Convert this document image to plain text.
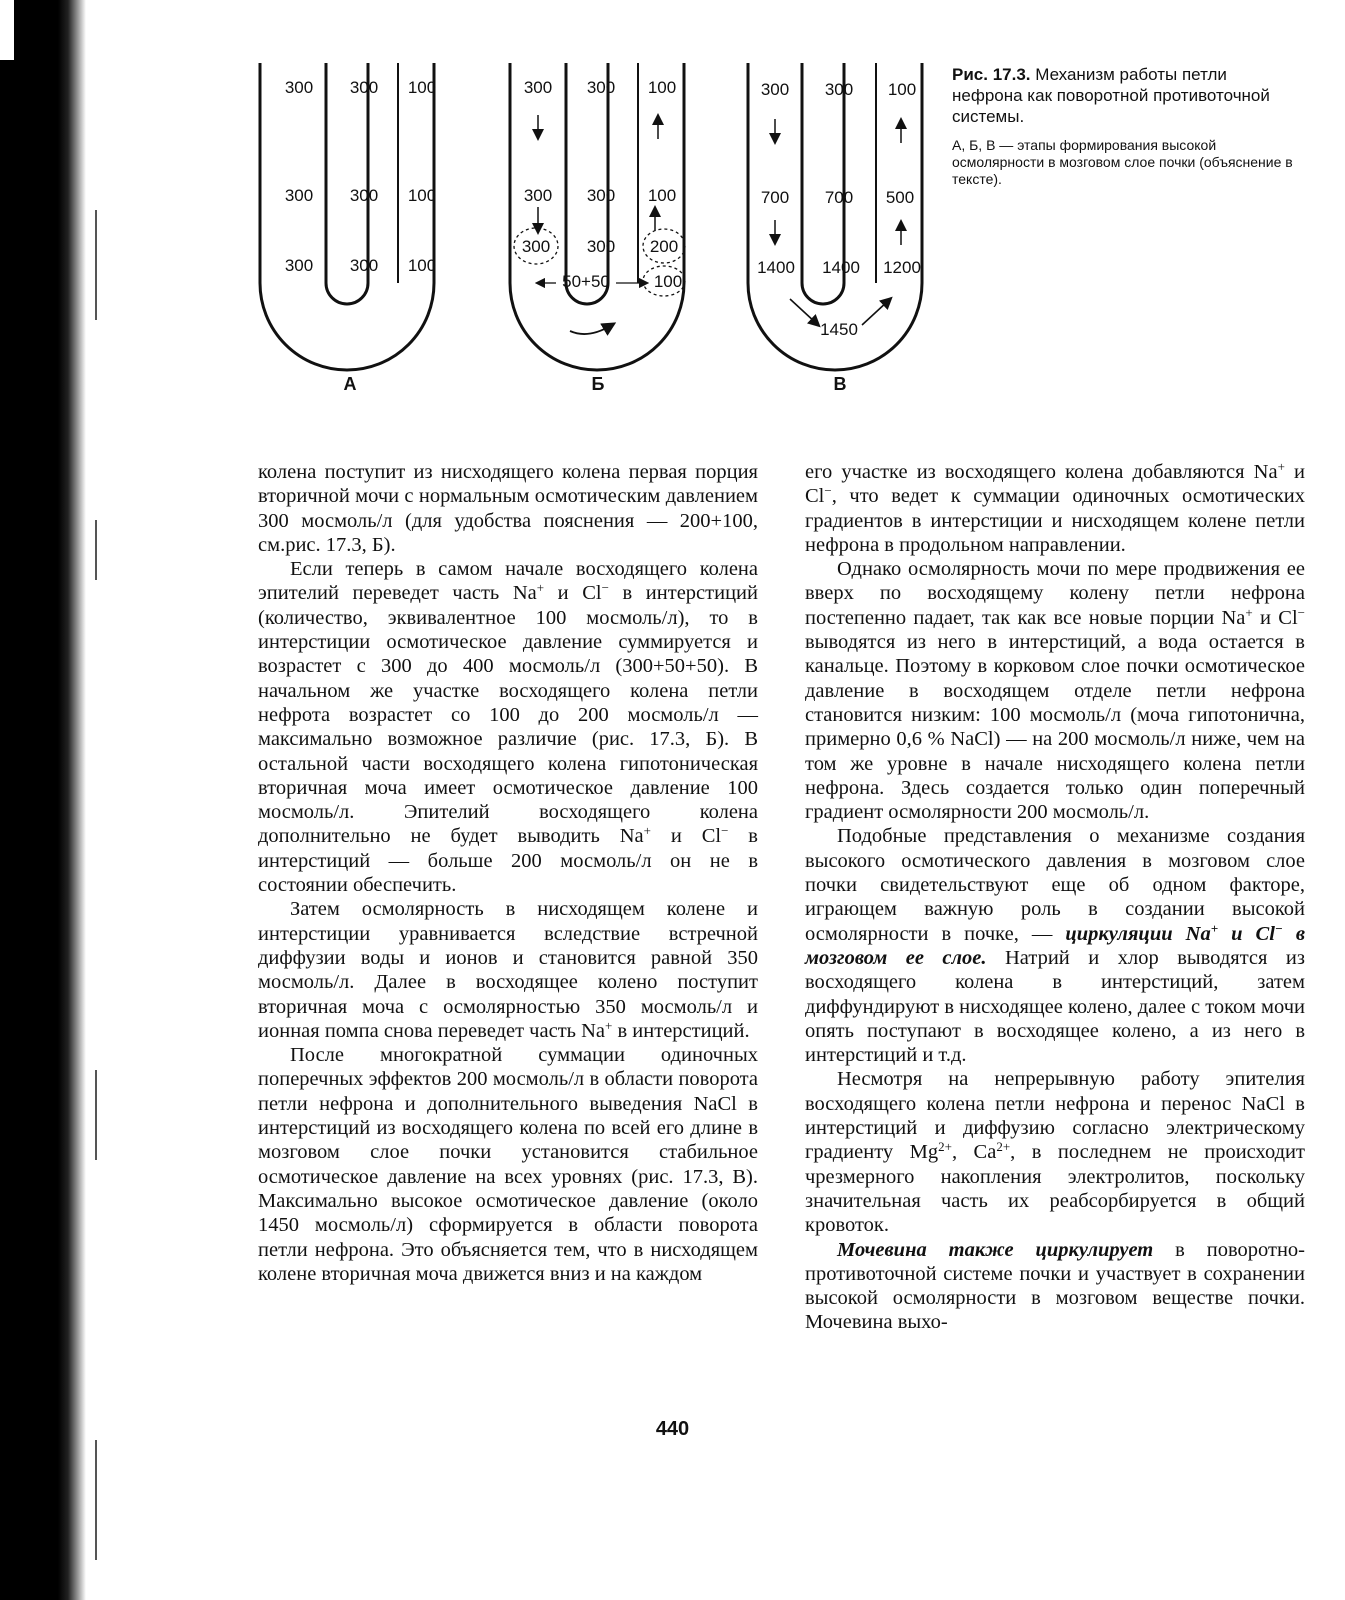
300 300 100
300 300 100
300 300 100
А
300 300 100
300 300 100
300 300 200
100
50+50
Б
300 300 100
700 700 500
1400 1400 1200
1450
В

Рис. 17.3. Механизм работы петли нефрона как поворотной противоточной системы.

А, Б, В — этапы формирования высокой осмолярности в мозговом слое почки (объяснение в тексте).

колена поступит из нисходящего колена первая порция вторичной мочи с нормальным осмотическим давлением 300 мосмоль/л (для удобства пояснения — 200+100, см.рис. 17.3, Б).

Если теперь в самом начале восходящего колена эпителий переведет часть Na+ и Cl− в интерстиций (количество, эквивалентное 100 мосмоль/л), то в интерстиции осмотическое давление суммируется и возрастет с 300 до 400 мосмоль/л (300+50+50). В начальном же участке восходящего колена петли нефрота возрастет со 100 до 200 мосмоль/л — максимально возможное различие (рис. 17.3, Б). В остальной части восходящего колена гипотоническая вторичная моча имеет осмотическое давление 100 мосмоль/л. Эпителий восходящего колена дополнительно не будет выводить Na+ и Cl− в интерстиций — больше 200 мосмоль/л он не в состоянии обеспечить.

Затем осмолярность в нисходящем колене и интерстиции уравнивается вследствие встречной диффузии воды и ионов и становится равной 350 мосмоль/л. Далее в восходящее колено поступит вторичная моча с осмолярностью 350 мосмоль/л и ионная помпа снова переведет часть Na+ в интерстиций.

После многократной суммации одиночных поперечных эффектов 200 мосмоль/л в области поворота петли нефрона и дополнительного выведения NaCl в интерстиций из восходящего колена по всей его длине в мозговом слое почки установится стабильное осмотическое давление на всех уровнях (рис. 17.3, В). Максимально высокое осмотическое давление (около 1450 мосмоль/л) сформируется в области поворота петли нефрона. Это объясняется тем, что в нисходящем колене вторичная моча движется вниз и на каждом

его участке из восходящего колена добавляются Na+ и Cl−, что ведет к суммации одиночных осмотических градиентов в интерстиции и нисходящем колене петли нефрона в продольном направлении.

Однако осмолярность мочи по мере продвижения ее вверх по восходящему колену петли нефрона постепенно падает, так как все новые порции Na+ и Cl− выводятся из него в интерстиций, а вода остается в канальце. Поэтому в корковом слое почки осмотическое давление в восходящем отделе петли нефрона становится низким: 100 мосмоль/л (моча гипотонична, примерно 0,6 % NaCl) — на 200 мосмоль/л ниже, чем на том же уровне в начале нисходящего колена петли нефрона. Здесь создается только один поперечный градиент осмолярности 200 мосмоль/л.

Подобные представления о механизме создания высокого осмотического давления в мозговом слое почки свидетельствуют еще об одном факторе, играющем важную роль в создании высокой осмолярности в почке, — циркуляции Na+ и Cl− в мозговом ее слое. Натрий и хлор выводятся из восходящего колена в интерстиций, затем диффундируют в нисходящее колено, далее с током мочи опять поступают в восходящее колено, а из него в интерстиций и т.д.

Несмотря на непрерывную работу эпителия восходящего колена петли нефрона и перенос NaCl в интерстиций и диффузию согласно электрическому градиенту $Mg^{2+}$, $Ca^{2+}$, в последнем не происходит чрезмерного накопления электролитов, поскольку значительная часть их реабсорбируется в общий кровоток.

Мочевина также циркулирует в поворотно-противоточной системе почки и участвует в сохранении высокой осмолярности в мозговом веществе почки. Мочевина выхо-

440
